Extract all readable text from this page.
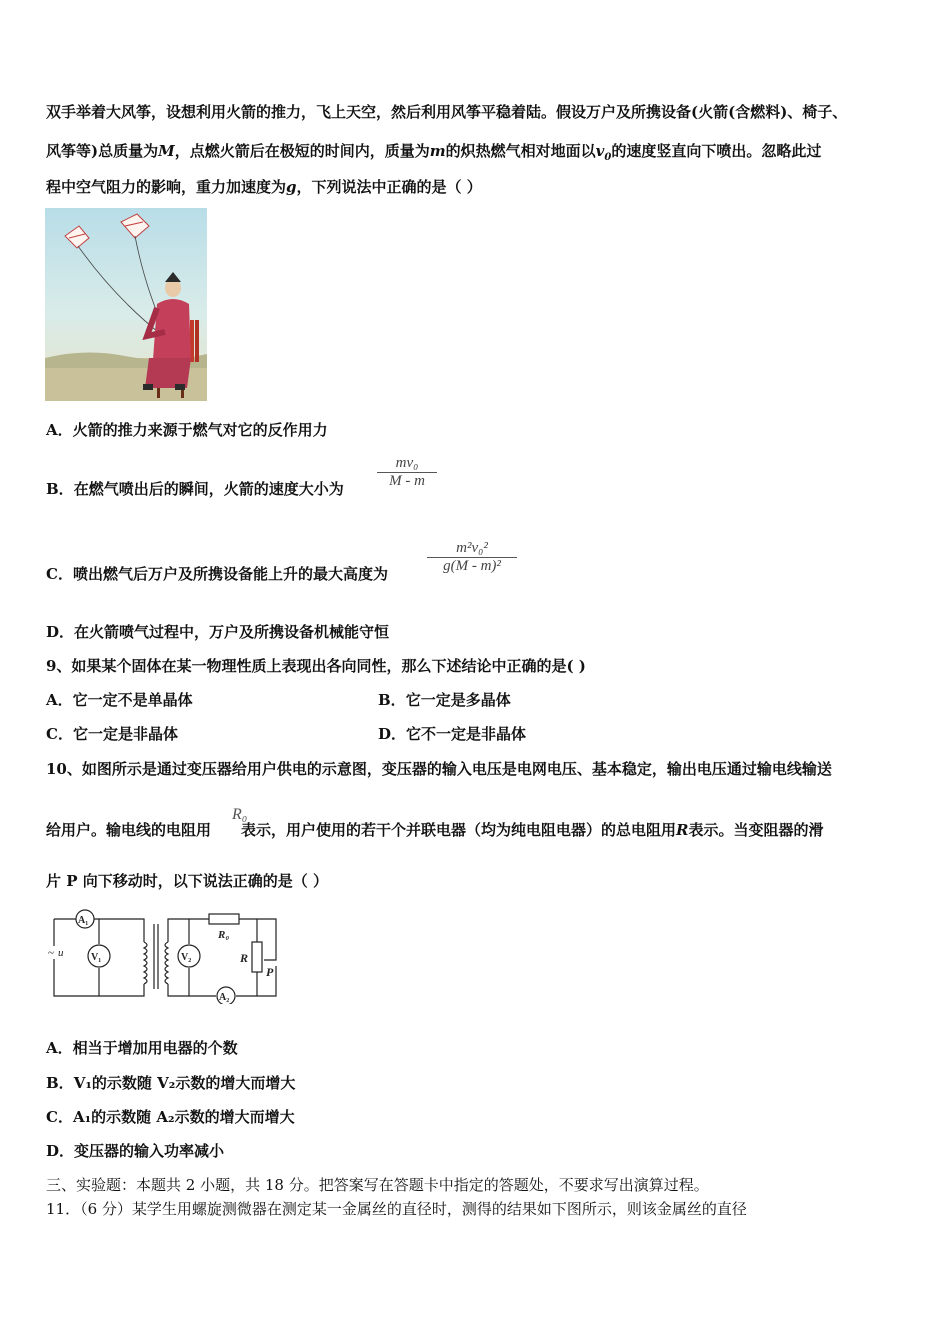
双手举着大风筝，设想利用火箭的推力，飞上天空，然后利用风筝平稳着陆。假设万户及所携设备(火箭(含燃料)、椅子、
风筝等)总质量为M，点燃火箭后在极短的时间内，质量为m的炽热燃气相对地面以$v_0$的速度竖直向下喷出。忽略此过
程中空气阻力的影响，重力加速度为g，下列说法中正确的是（ ）
A．火箭的推力来源于燃气对它的反作用力
B．在燃气喷出后的瞬间，火箭的速度大小为
mv₀
M - m
C．喷出燃气后万户及所携设备能上升的最大高度为
m²v₀²
g(M - m)²
D．在火箭喷气过程中，万户及所携设备机械能守恒
9、如果某个固体在某一物理性质上表现出各向同性，那么下述结论中正确的是( )
A．它一定不是单晶体	B．它一定是多晶体
C．它一定是非晶体	D．它不一定是非晶体
10、如图所示是通过变压器给用户供电的示意图，变压器的输入电压是电网电压、基本稳定，输出电压通过输电线输送
给用户。输电线的电阻用 表示，用户使用的若干个并联电器（均为纯电阻电器）的总电阻用R表示。当变阻器的滑
R₀
片 P 向下移动时，以下说法正确的是（ ）
~ u
A₁
V₁	V₂
R₀
R
P
A₂
A．相当于增加用电器的个数
B．V₁的示数随 V₂示数的增大而增大
C．A₁的示数随 A₂示数的增大而增大
D．变压器的输入功率减小
三、实验题：本题共 2 小题，共 18 分。把答案写在答题卡中指定的答题处，不要求写出演算过程。
11．（6 分）某学生用螺旋测微器在测定某一金属丝的直径时，测得的结果如下图所示，则该金属丝的直径
